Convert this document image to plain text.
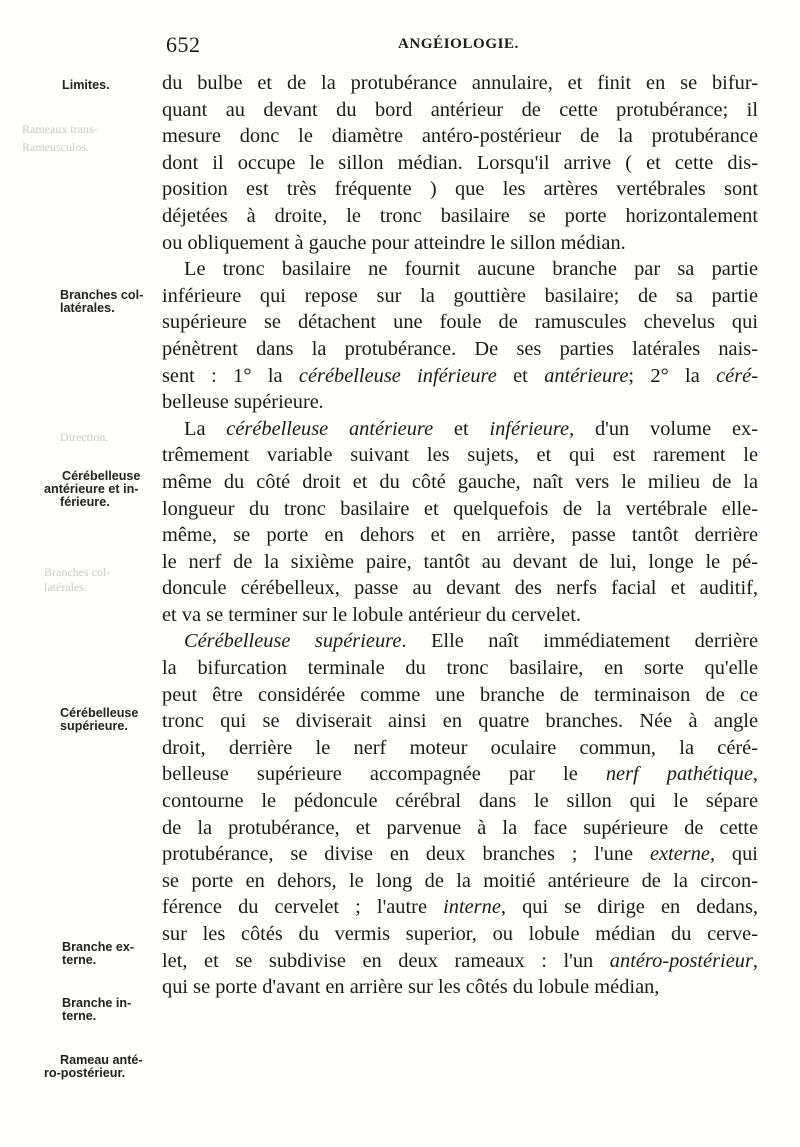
Rameaux trans-
Rameusculos.
Direction.
Branches col-
latérales.
652	ANGÉIOLOGIE.
Limites.
Branches col-
latérales.
Cérébelleuse
antérieure et in-
férieure.
Cérébelleuse
supérieure.
Branche ex-
terne.
Branche in-
terne.
Rameau anté-
ro-postérieur.
du bulbe et de la protubérance annulaire, et finit en se bifur-
quant au devant du bord antérieur de cette protubérance; il
mesure donc le diamètre antéro-postérieur de la protubérance
dont il occupe le sillon médian. Lorsqu'il arrive ( et cette dis-
position est très fréquente ) que les artères vertébrales sont
déjetées à droite, le tronc basilaire se porte horizontalement
ou obliquement à gauche pour atteindre le sillon médian.
Le tronc basilaire ne fournit aucune branche par sa partie
inférieure qui repose sur la gouttière basilaire; de sa partie
supérieure se détachent une foule de ramuscules chevelus qui
pénètrent dans la protubérance. De ses parties latérales nais-
sent : 1° la cérébelleuse inférieure et antérieure; 2° la céré-
belleuse supérieure.
La cérébelleuse antérieure et inférieure, d'un volume ex-
trêmement variable suivant les sujets, et qui est rarement le
même du côté droit et du côté gauche, naît vers le milieu de la
longueur du tronc basilaire et quelquefois de la vertébrale elle-
même, se porte en dehors et en arrière, passe tantôt derrière
le nerf de la sixième paire, tantôt au devant de lui, longe le pé-
doncule cérébelleux, passe au devant des nerfs facial et auditif,
et va se terminer sur le lobule antérieur du cervelet.
Cérébelleuse supérieure. Elle naît immédiatement derrière
la bifurcation terminale du tronc basilaire, en sorte qu'elle
peut être considérée comme une branche de terminaison de ce
tronc qui se diviserait ainsi en quatre branches. Née à angle
droit, derrière le nerf moteur oculaire commun, la céré-
belleuse supérieure accompagnée par le nerf pathétique,
contourne le pédoncule cérébral dans le sillon qui le sépare
de la protubérance, et parvenue à la face supérieure de cette
protubérance, se divise en deux branches ; l'une externe, qui
se porte en dehors, le long de la moitié antérieure de la circon-
férence du cervelet ; l'autre interne, qui se dirige en dedans,
sur les côtés du vermis superior, ou lobule médian du cerve-
let, et se subdivise en deux rameaux : l'un antéro-postérieur,
qui se porte d'avant en arrière sur les côtés du lobule médian,
